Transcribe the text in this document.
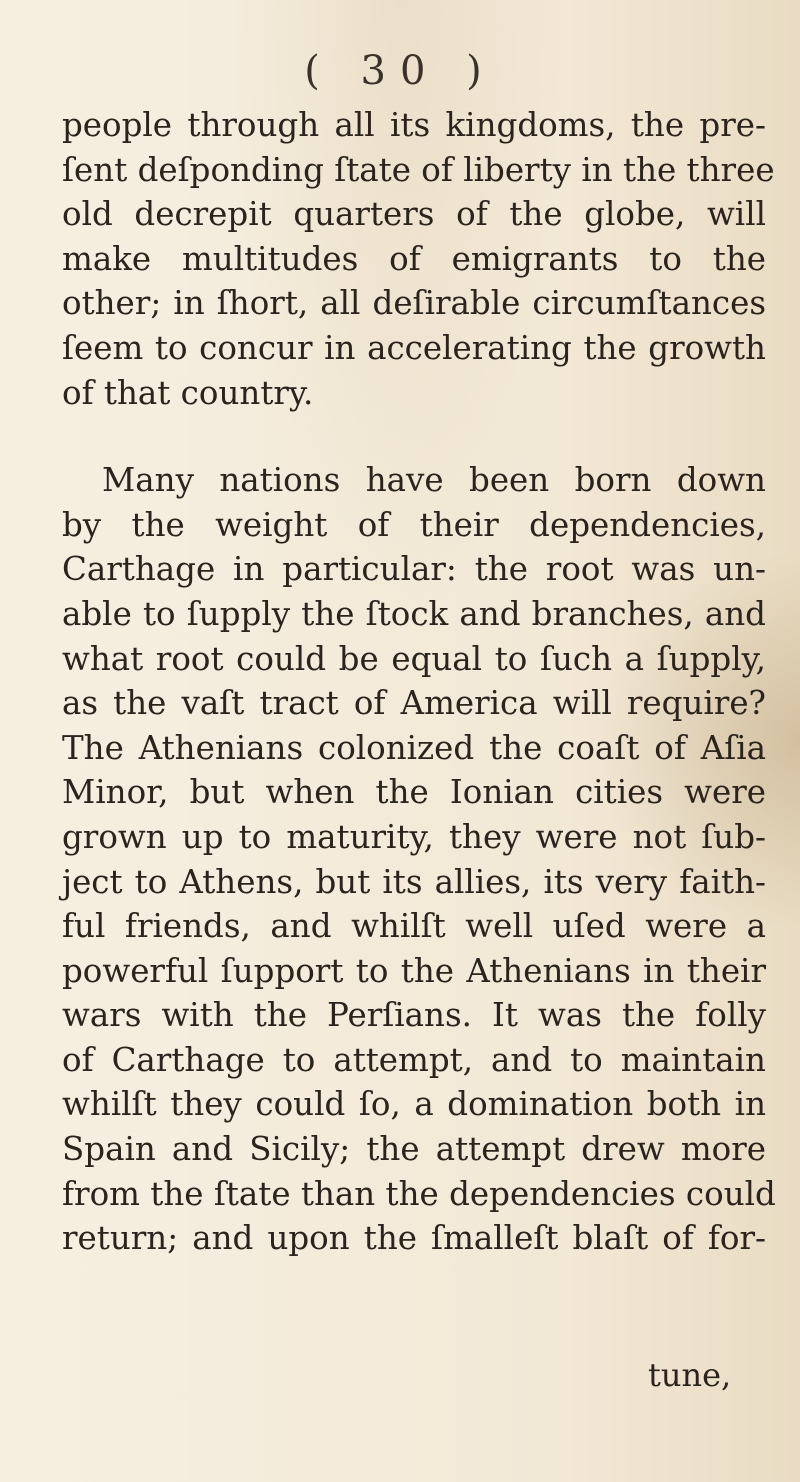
( 30 )
people through all its kingdoms, the pre-
ſent deſponding ſtate of liberty in the three
old decrepit quarters of the globe, will
make multitudes of emigrants to the
other; in ſhort, all deſirable circumſtances
ſeem to concur in accelerating the growth
of that country.
Many nations have been born down
by the weight of their dependencies,
Carthage in particular: the root was un-
able to ſupply the ſtock and branches, and
what root could be equal to ſuch a ſupply,
as the vaſt tract of America will require?
The Athenians colonized the coaſt of Aſia
Minor, but when the Ionian cities were
grown up to maturity, they were not ſub-
ject to Athens, but its allies, its very faith-
ful friends, and whilſt well uſed were a
powerful ſupport to the Athenians in their
wars with the Perſians. It was the folly
of Carthage to attempt, and to maintain
whilſt they could ſo, a domination both in
Spain and Sicily; the attempt drew more
from the ſtate than the dependencies could
return; and upon the ſmalleſt blaſt of for-
tune,
